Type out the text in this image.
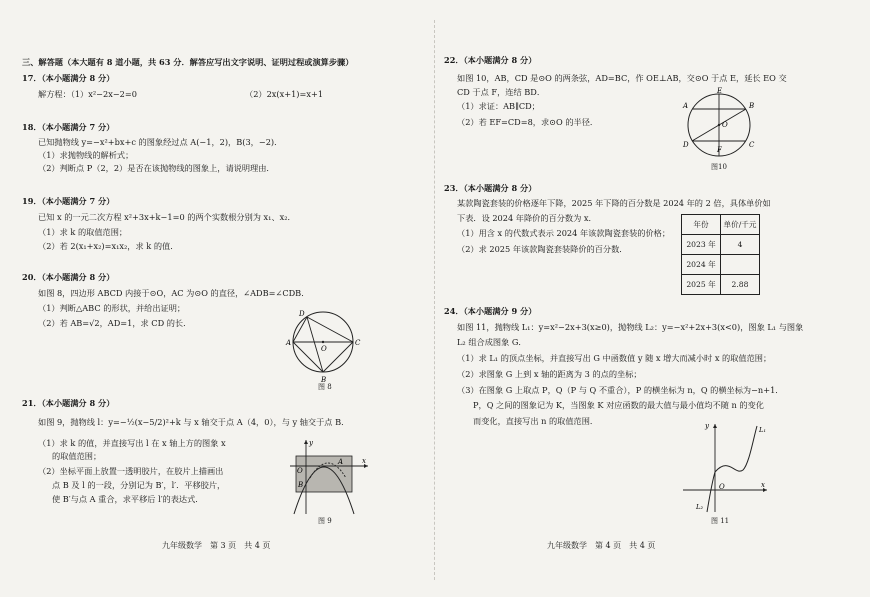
三、解答题（本大题有 8 道小题，共 63 分．解答应写出文字说明、证明过程或演算步骤）
17．（本小题满分 8 分）
解方程：（1）x²−2x−2=0	（2）2x(x+1)=x+1
18．（本小题满分 7 分）
已知抛物线 y=−x²+bx+c 的图象经过点 A(−1，2)，B(3，−2)．
（1）求抛物线的解析式；
（2）判断点 P（2，2）是否在该抛物线的图象上，请说明理由．
19．（本小题满分 7 分）
已知 x 的一元二次方程 x²+3x+k−1=0 的两个实数根分别为 x₁、x₂．
（1）求 k 的取值范围；
（2）若 2(x₁+x₂)=x₁x₂，求 k 的值．
20．（本小题满分 8 分）
如图 8，四边形 ABCD 内接于⊙O，AC 为⊙O 的直径，∠ADB=∠CDB．
（1）判断△ABC 的形状，并给出证明；
（2）若 AB=√2，AD=1，求 CD 的长．
D
A	C
B
O
图 8
21．（本小题满分 8 分）
如图 9，抛物线 l：y=−½(x−5/2)²+k 与 x 轴交于点 A（4，0），与 y 轴交于点 B．
（1）求 k 的值，并直接写出 l 在 x 轴上方的图象 x
的取值范围；
（2）坐标平面上放置一透明胶片，在胶片上描画出
点 B 及 l 的一段，分别记为 B′，l′．平移胶片，
使 B′与点 A 重合，求平移后 l′的表达式．
y
x
O
A
B
图 9
九年级数学　第 3 页　共 4 页
22．（本小题满分 8 分）
如图 10，AB，CD 是⊙O 的两条弦，AD=BC，作 OE⊥AB，交⊙O 于点 E，延长 EO 交
CD 于点 F，连结 BD．
（1）求证：AB∥CD；
（2）若 EF=CD=8，求⊙O 的半径．
A	B
D	C
E
F
O
图10
23．（本小题满分 8 分）
某款陶瓷套装的价格逐年下降，2025 年下降的百分数是 2024 年的 2 倍，具体单价如
下表．设 2024 年降价的百分数为 x．
（1）用含 x 的代数式表示 2024 年该款陶瓷套装的价格；
（2）求 2025 年该款陶瓷套装降价的百分数．
年份	单价/千元
2023 年	4
2024 年	
2025 年	2.88
24．（本小题满分 9 分）
如图 11，抛物线 L₁：y=x²−2x+3(x≥0)，抛物线 L₂：y=−x²+2x+3(x<0)，图象 L₁ 与图象
L₂ 组合成图象 G．
（1）求 L₁ 的顶点坐标，并直接写出 G 中函数值 y 随 x 增大而减小时 x 的取值范围；
（2）求图象 G 上到 x 轴的距离为 3 的点的坐标；
（3）在图象 G 上取点 P，Q（P 与 Q 不重合），P 的横坐标为 n，Q 的横坐标为−n+1．
P，Q 之间的图象记为 K，当图象 K 对应函数的最大值与最小值均不随 n 的变化
而变化，直接写出 n 的取值范围．	y
x
O
L₁
L₂
图 11
九年级数学　第 4 页　共 4 页
